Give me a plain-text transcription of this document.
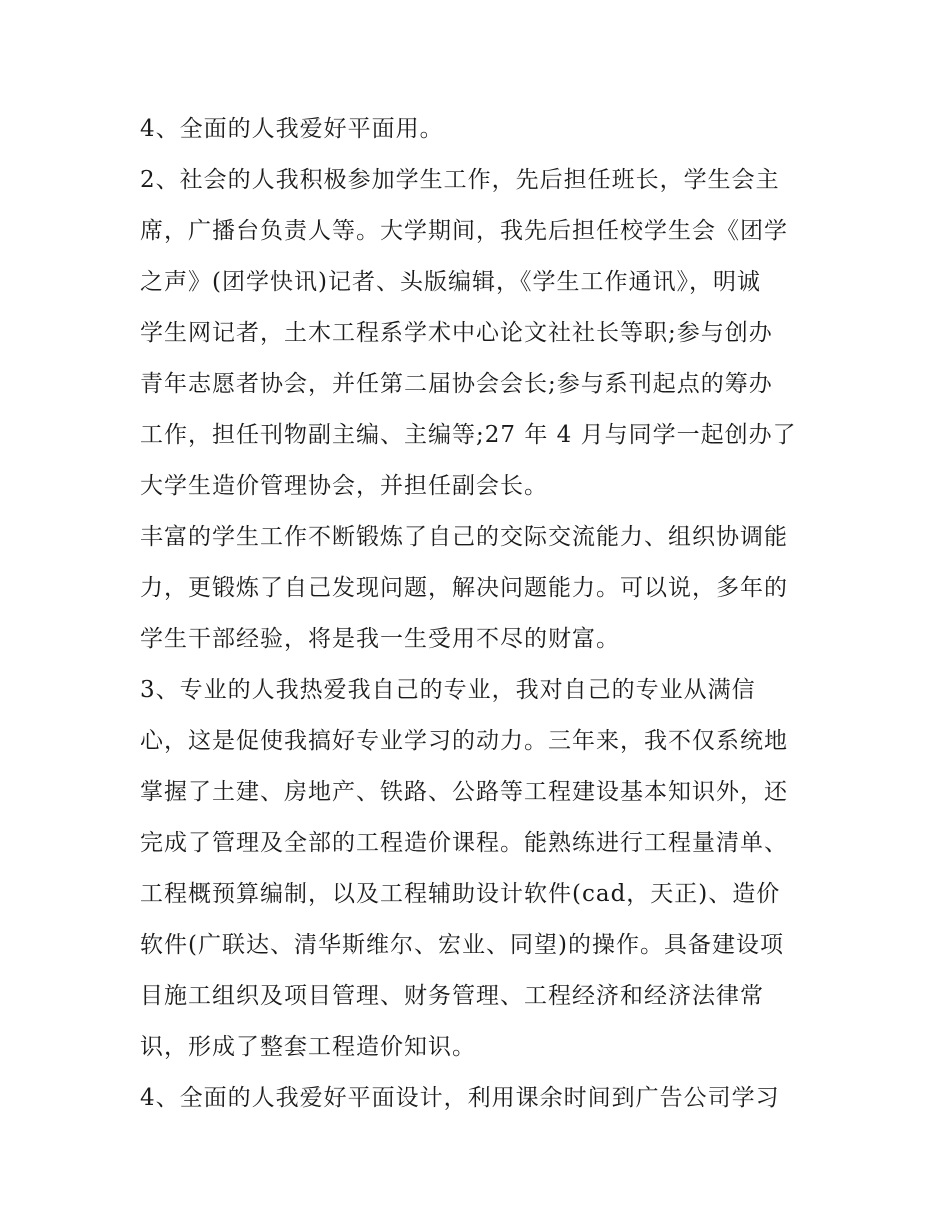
4、全面的人我爱好平面用。
2、社会的人我积极参加学生工作，先后担任班长，学生会主
席，广播台负责人等。大学期间，我先后担任校学生会《团学
之声》(团学快讯)记者、头版编辑，《学生工作通讯》，明诚
学生网记者，土木工程系学术中心论文社社长等职;参与创办
青年志愿者协会，并任第二届协会会长;参与系刊起点的筹办
工作，担任刊物副主编、主编等;27 年 4 月与同学一起创办了
大学生造价管理协会，并担任副会长。
丰富的学生工作不断锻炼了自己的交际交流能力、组织协调能
力，更锻炼了自己发现问题，解决问题能力。可以说，多年的
学生干部经验，将是我一生受用不尽的财富。
3、专业的人我热爱我自己的专业，我对自己的专业从满信
心，这是促使我搞好专业学习的动力。三年来，我不仅系统地
掌握了土建、房地产、铁路、公路等工程建设基本知识外，还
完成了管理及全部的工程造价课程。能熟练进行工程量清单、
工程概预算编制，以及工程辅助设计软件(cad，天正)、造价
软件(广联达、清华斯维尔、宏业、同望)的操作。具备建设项
目施工组织及项目管理、财务管理、工程经济和经济法律常
识，形成了整套工程造价知识。
4、全面的人我爱好平面设计，利用课余时间到广告公司学习
